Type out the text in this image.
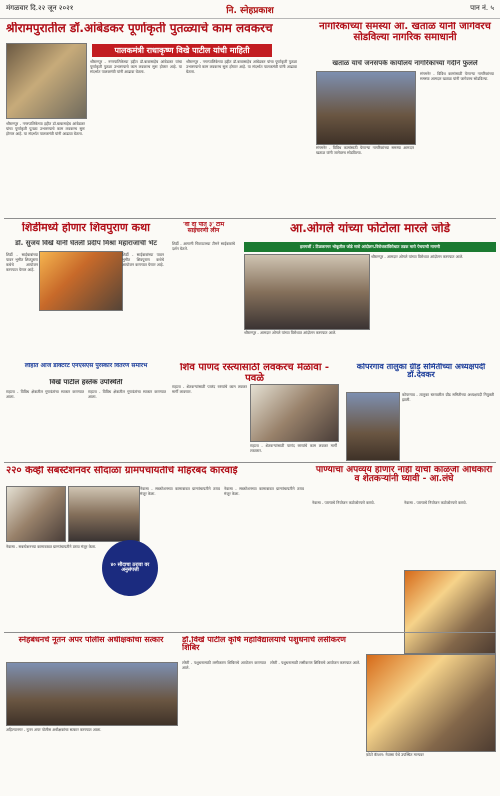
मंगळवार दि.२२ जून २०२१	नि. स्नेहप्रकाश	पान नं. ५
श्रीरामपुरातील डॉ.आंबेडकर पूर्णाकृती पुतळ्याचे काम लवकरच
पालकमंत्री राधाकृष्ण विखे पाटील यांची माहिती
श्रीरामपूर - नगरपालिकेच्या हद्दीत डॉ.बाबासाहेब आंबेडकर यांचा पूर्णाकृती पुतळा उभारण्याचे काम लवकरच सुरू होणार आहे. या संदर्भात पालकमंत्री यांनी आढावा घेतला.
श्रीरामपूर - नगरपालिकेच्या हद्दीत डॉ.बाबासाहेब आंबेडकर यांचा पूर्णाकृती पुतळा उभारण्याचे काम लवकरच सुरू होणार आहे. या संदर्भात पालकमंत्री यांनी आढावा घेतला.
श्रीरामपूर - नगरपालिकेच्या हद्दीत डॉ.बाबासाहेब आंबेडकर यांचा पूर्णाकृती पुतळा उभारण्याचे काम लवकरच सुरू होणार आहे. या संदर्भात पालकमंत्री यांनी आढावा घेतला.
नागरिकांच्या समस्या आ. खताळ यांनी जागेवरच सोडविल्या नागरिक समाधानी
खताळ यांचे जनसंपर्क कार्यालय नागरिकांच्या गर्दीने फुलले
संगमनेर - विविध कामांसाठी येणाऱ्या नागरिकांच्या समस्या आमदार खताळ यांनी जागेवरच सोडविल्या.
संगमनेर - विविध कामांसाठी येणाऱ्या नागरिकांच्या समस्या आमदार खताळ यांनी जागेवरच सोडविल्या.
शिर्डीमध्ये होणार शिवपुराण कथा
डॉ. सुजय विखे यांनी घेतली प्रदीप मिश्रा महाराजांची भेट
शिर्डी - साईबाबांच्या पावन भूमीत शिवपुराण कथेचे आयोजन करण्यात येणार आहे.
शिर्डी - साईबाबांच्या पावन भूमीत शिवपुराण कथेचे आयोजन करण्यात येणार आहे.
'वी दी पीत ३' टीम साईचरणी लीन
शिर्डी - आगामी चित्रपटाच्या टीमने साईबाबांचे दर्शन घेतले.
आ.ओगले यांच्या फोटोला मारले जोडे
हलगर्जी : टिळकनगर भोकूतील जोडे मारो आंदोलन.विरोधकांविरोधात तडक मारो पेचपाची मागणी
श्रीरामपूर - आमदार ओगले यांच्या विरोधात आंदोलन करण्यात आले.
श्रीरामपूर - आमदार ओगले यांच्या विरोधात आंदोलन करण्यात आले.
लोहोत आज डॉक्टरेट एनएसएस पुरस्कार वितरण समारंभ
विखे पाटील हस्तेक उपस्थिती
राहाता - विविध क्षेत्रातील गुणवंतांचा सत्कार करण्यात आला.
राहाता - विविध क्षेत्रातील गुणवंतांचा सत्कार करण्यात आला.
शिव पाणंद रस्त्यासाठी लवकरच मेळावा - पवळे
राहाता - शेतकऱ्यांसाठी पाणंद रस्त्यांचे काम लवकर मार्गी लावणार.
राहाता - शेतकऱ्यांसाठी पाणंद रस्त्यांचे काम लवकर मार्गी लावणार.
कोपरगाव तालुका ग्रीड समितीच्या अध्यक्षपदी डॉ.देवकर
कोपरगाव - तालुका स्तरावरील ग्रीड समितीच्या अध्यक्षपदी नियुक्ती झाली.
२२० केव्ही सबस्टेशनवर सौदाळा ग्रामपंचायतीचे मोहरबंद कारवाई
४० सौदाचा ठरावा वर अनुसंपत्ती
नेवासा - सबस्टेशनच्या कामाबाबत ग्रामपंचायतीने ठराव मंजूर केला.
नेवासा - सबस्टेशनच्या कामाबाबत ग्रामपंचायतीने ठराव मंजूर केला.
नेवासा - सबस्टेशनच्या कामाबाबत ग्रामपंचायतीने ठराव मंजूर केला.
पाण्याचा अपव्यय होणार नाही याची काळजी अधिकारी व शेतकऱ्यांनी घ्यावी - आ.लंघे
नेवासा - पाण्याचे नियोजन काटेकोरपणे करावे.	नेवासा - पाण्याचे नियोजन काटेकोरपणे करावे.
स्नेहबंधनचे नूतन अपर पोलीस अधीक्षकांचा सत्कार
अहिल्यानगर - नूतन अपर पोलीस अधीक्षकांचा सत्कार करण्यात आला.
डॉ.विखे पाटील कृषि महाविद्यालयाचे पशुधनाचे लसीकरण शिबिर
लोणी - पशुधनासाठी लसीकरण शिबिराचे आयोजन करण्यात आले.
लोणी - पशुधनासाठी लसीकरण शिबिराचे आयोजन करण्यात आले.
फ़ोटो कॅप्शन: नेवासा येथे उपस्थित मान्यवर
